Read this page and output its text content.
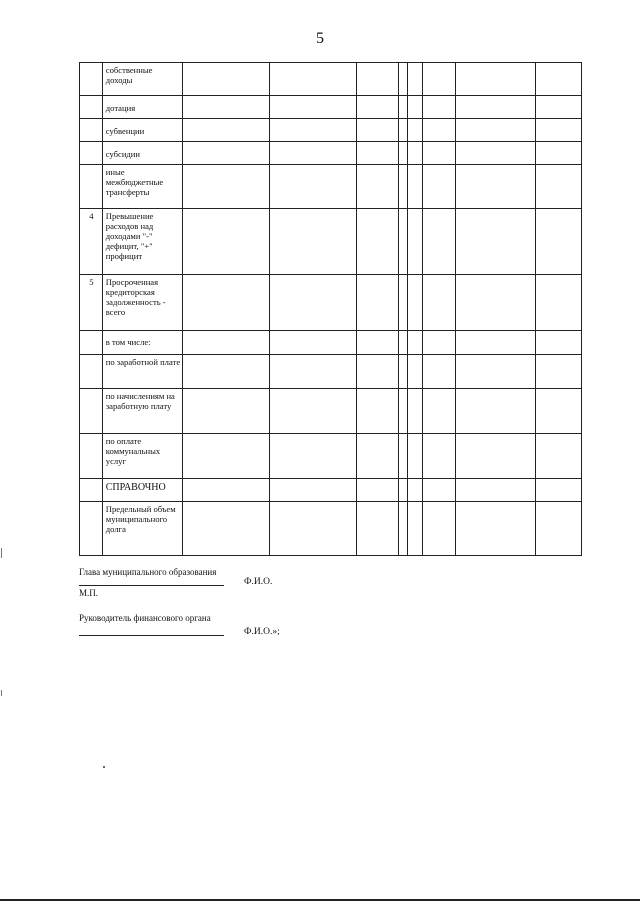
5
	собственные доходы								
	дотация								
	субвенции								
	субсидии								
	иные межбюджетные трансферты								
4	Превышение расходов над доходами "-" дефицит, "+" профицит								
5	Просроченная кредиторская задолженность - всего								
	в том числе:								
	по заработной плате								
	по начислениям на заработную плату								
	по оплате коммунальных услуг								
	СПРАВОЧНО								
	Предельный объем муниципального долга								
Глава муниципального образования
Ф.И.О.
М.П.
Руководитель финансового органа
Ф.И.О.»;
